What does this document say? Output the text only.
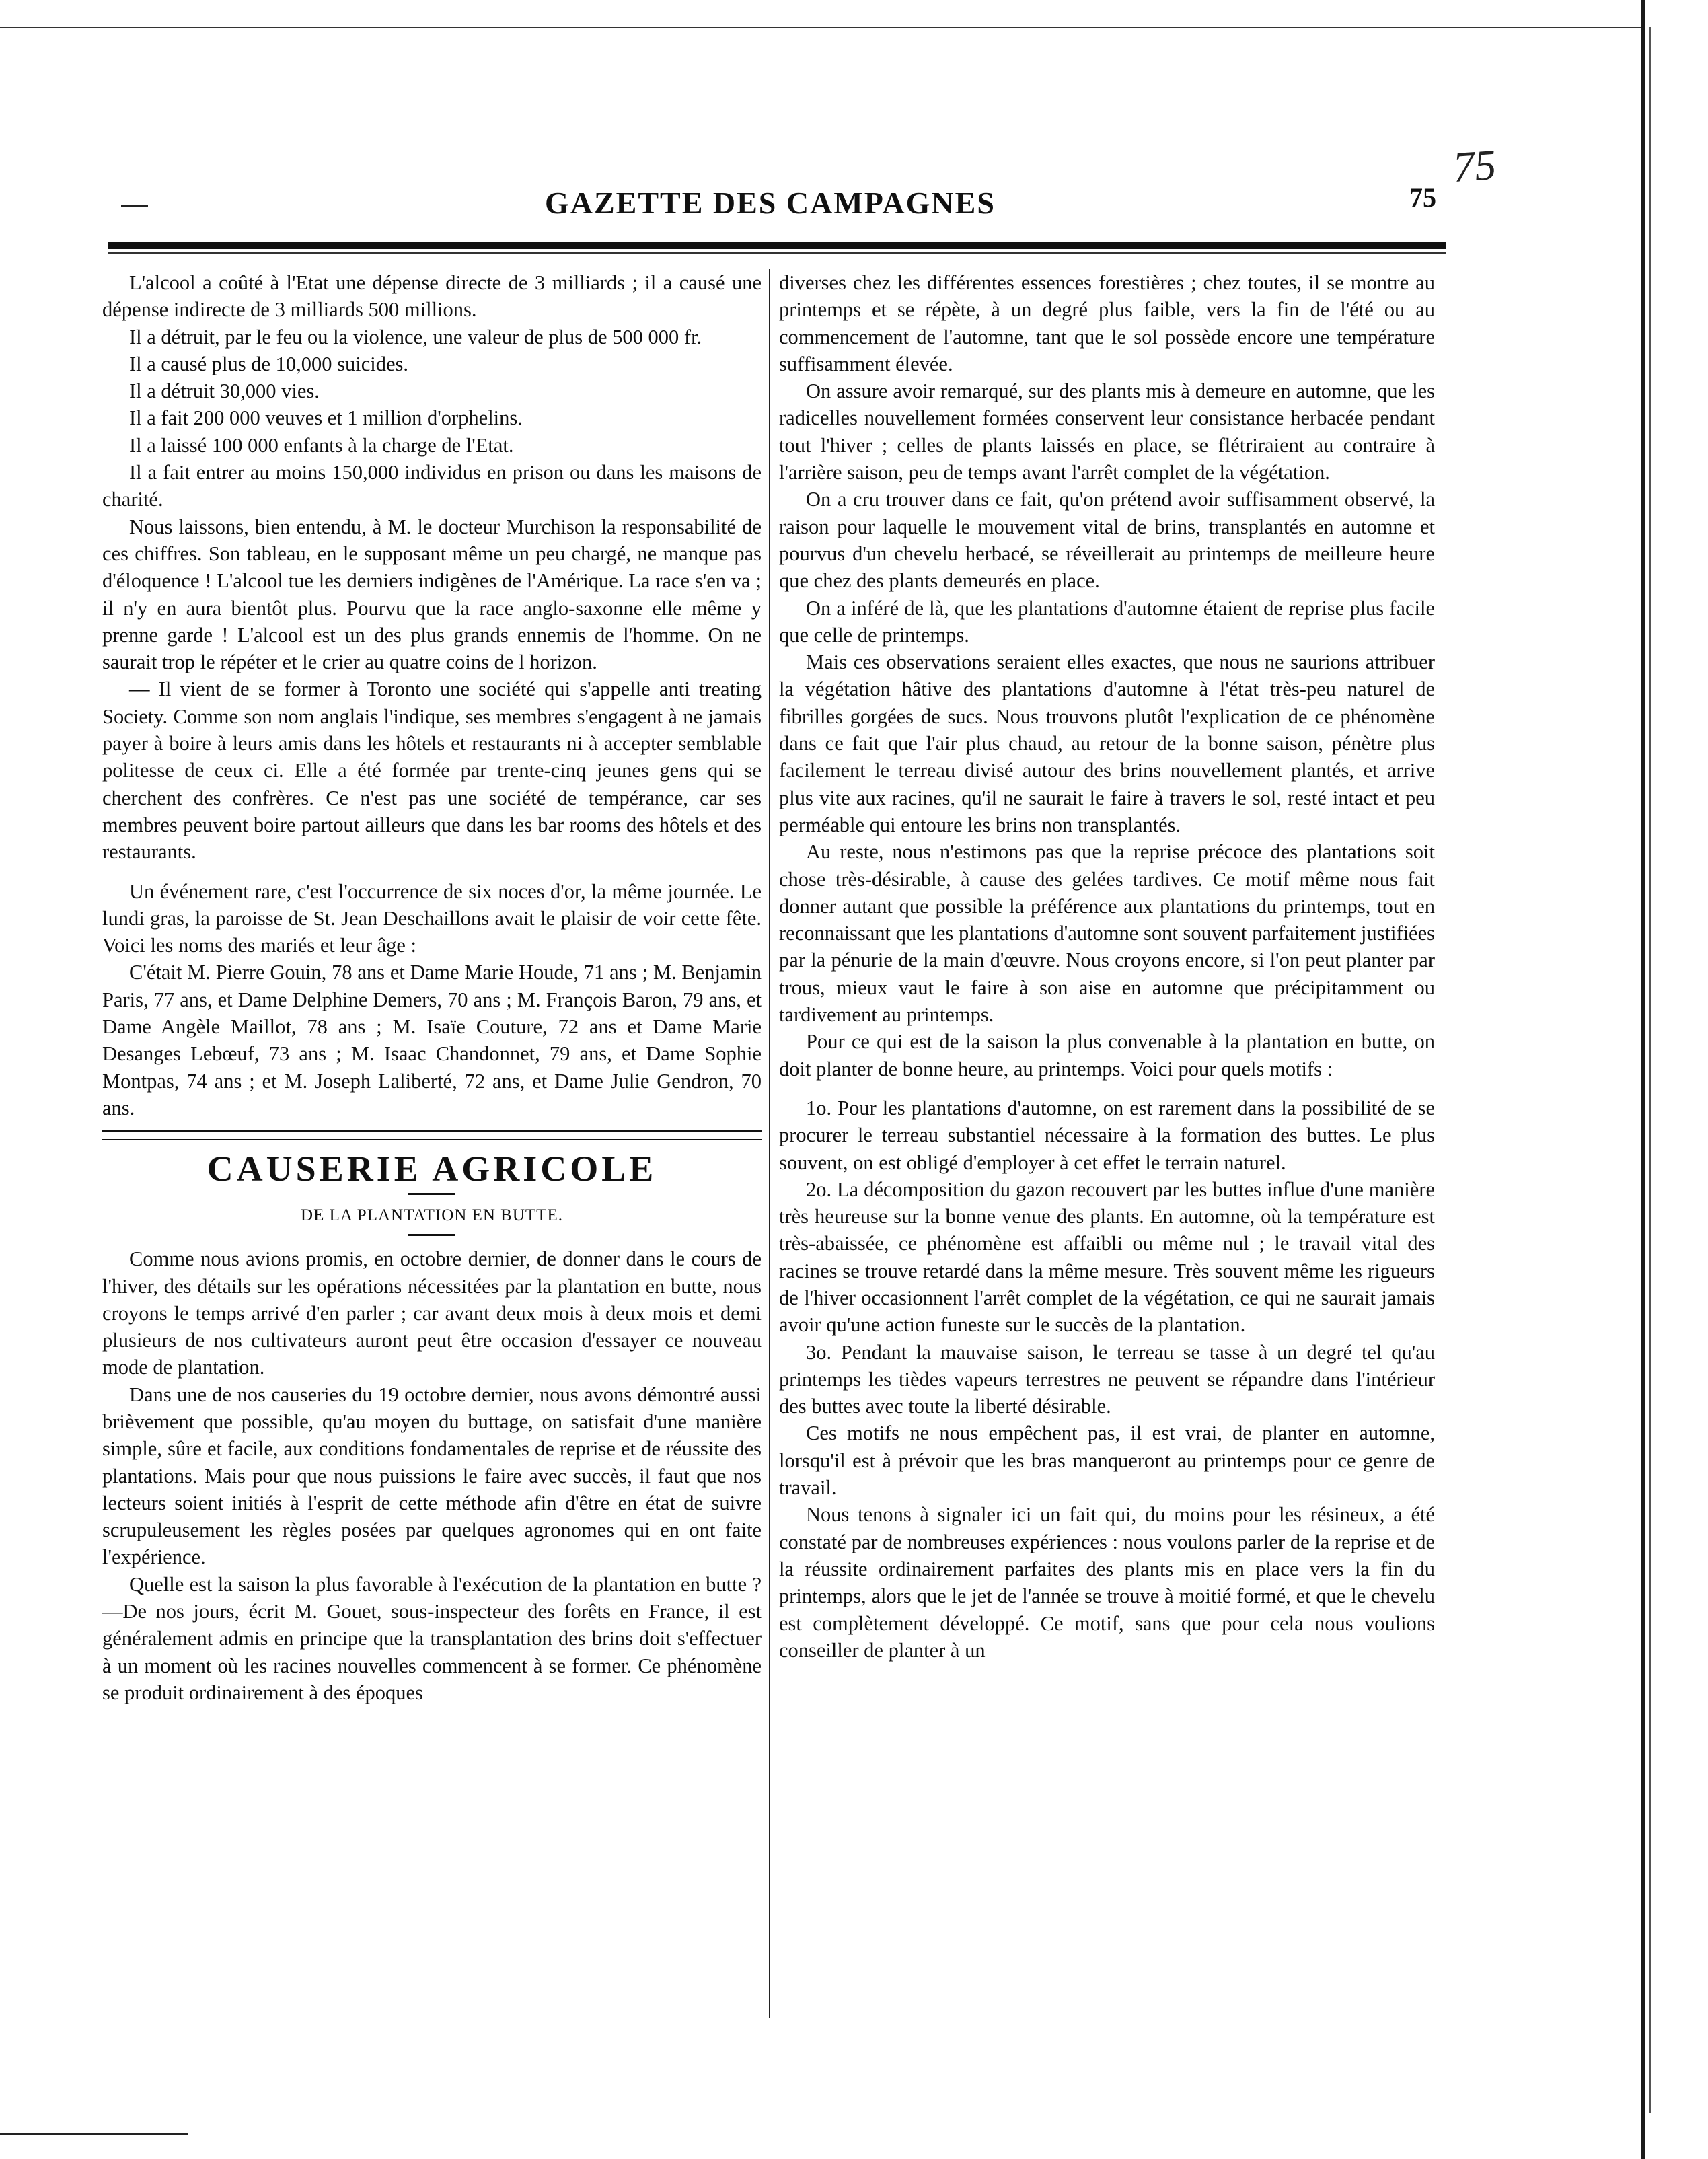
75
GAZETTE DES CAMPAGNES	75

L'alcool a coûté à l'Etat une dépense directe de 3 milliards ; il a causé une dépense indirecte de 3 milliards 500 millions.

Il a détruit, par le feu ou la violence, une valeur de plus de 500 000 fr.

Il a causé plus de 10,000 suicides.

Il a détruit 30,000 vies.

Il a fait 200 000 veuves et 1 million d'orphelins.

Il a laissé 100 000 enfants à la charge de l'Etat.

Il a fait entrer au moins 150,000 individus en prison ou dans les maisons de charité.

Nous laissons, bien entendu, à M. le docteur Murchison la responsabilité de ces chiffres. Son tableau, en le supposant même un peu chargé, ne manque pas d'éloquence ! L'alcool tue les derniers indigènes de l'Amérique. La race s'en va ; il n'y en aura bientôt plus. Pourvu que la race anglo-saxonne elle même y prenne garde ! L'alcool est un des plus grands ennemis de l'homme. On ne saurait trop le répéter et le crier au quatre coins de l horizon.

— Il vient de se former à Toronto une société qui s'appelle anti treating Society. Comme son nom anglais l'indique, ses membres s'engagent à ne jamais payer à boire à leurs amis dans les hôtels et restaurants ni à accepter semblable politesse de ceux ci. Elle a été formée par trente-cinq jeunes gens qui se cherchent des confrères. Ce n'est pas une société de tempérance, car ses membres peuvent boire partout ailleurs que dans les bar rooms des hôtels et des restaurants.

Un événement rare, c'est l'occurrence de six noces d'or, la même journée. Le lundi gras, la paroisse de St. Jean Deschaillons avait le plaisir de voir cette fête. Voici les noms des mariés et leur âge :

C'était M. Pierre Gouin, 78 ans et Dame Marie Houde, 71 ans ; M. Benjamin Paris, 77 ans, et Dame Delphine Demers, 70 ans ; M. François Baron, 79 ans, et Dame Angèle Maillot, 78 ans ; M. Isaïe Couture, 72 ans et Dame Marie Desanges Lebœuf, 73 ans ; M. Isaac Chandonnet, 79 ans, et Dame Sophie Montpas, 74 ans ; et M. Joseph Laliberté, 72 ans, et Dame Julie Gendron, 70 ans.

CAUSERIE AGRICOLE
DE LA PLANTATION EN BUTTE.

Comme nous avions promis, en octobre dernier, de donner dans le cours de l'hiver, des détails sur les opérations nécessitées par la plantation en butte, nous croyons le temps arrivé d'en parler ; car avant deux mois à deux mois et demi plusieurs de nos cultivateurs auront peut être occasion d'essayer ce nouveau mode de plantation.

Dans une de nos causeries du 19 octobre dernier, nous avons démontré aussi brièvement que possible, qu'au moyen du buttage, on satisfait d'une manière simple, sûre et facile, aux conditions fondamentales de reprise et de réussite des plantations. Mais pour que nous puissions le faire avec succès, il faut que nos lecteurs soient initiés à l'esprit de cette méthode afin d'être en état de suivre scrupuleusement les règles posées par quelques agronomes qui en ont faite l'expérience.

Quelle est la saison la plus favorable à l'exécution de la plantation en butte ?—De nos jours, écrit M. Gouet, sous-inspecteur des forêts en France, il est généralement admis en principe que la transplantation des brins doit s'effectuer à un moment où les racines nouvelles commencent à se former. Ce phénomène se produit ordinairement à des époques

diverses chez les différentes essences forestières ; chez toutes, il se montre au printemps et se répète, à un degré plus faible, vers la fin de l'été ou au commencement de l'automne, tant que le sol possède encore une température suffisamment élevée.

On assure avoir remarqué, sur des plants mis à demeure en automne, que les radicelles nouvellement formées conservent leur consistance herbacée pendant tout l'hiver ; celles de plants laissés en place, se flétriraient au contraire à l'arrière saison, peu de temps avant l'arrêt complet de la végétation.

On a cru trouver dans ce fait, qu'on prétend avoir suffisamment observé, la raison pour laquelle le mouvement vital de brins, transplantés en automne et pourvus d'un chevelu herbacé, se réveillerait au printemps de meilleure heure que chez des plants demeurés en place.

On a inféré de là, que les plantations d'automne étaient de reprise plus facile que celle de printemps.

Mais ces observations seraient elles exactes, que nous ne saurions attribuer la végétation hâtive des plantations d'automne à l'état très-peu naturel de fibrilles gorgées de sucs. Nous trouvons plutôt l'explication de ce phénomène dans ce fait que l'air plus chaud, au retour de la bonne saison, pénètre plus facilement le terreau divisé autour des brins nouvellement plantés, et arrive plus vite aux racines, qu'il ne saurait le faire à travers le sol, resté intact et peu perméable qui entoure les brins non transplantés.

Au reste, nous n'estimons pas que la reprise précoce des plantations soit chose très-désirable, à cause des gelées tardives. Ce motif même nous fait donner autant que possible la préférence aux plantations du printemps, tout en reconnaissant que les plantations d'automne sont souvent parfaitement justifiées par la pénurie de la main d'œuvre. Nous croyons encore, si l'on peut planter par trous, mieux vaut le faire à son aise en automne que précipitamment ou tardivement au printemps.

Pour ce qui est de la saison la plus convenable à la plantation en butte, on doit planter de bonne heure, au printemps. Voici pour quels motifs :

1o. Pour les plantations d'automne, on est rarement dans la possibilité de se procurer le terreau substantiel nécessaire à la formation des buttes. Le plus souvent, on est obligé d'employer à cet effet le terrain naturel.

2o. La décomposition du gazon recouvert par les buttes influe d'une manière très heureuse sur la bonne venue des plants. En automne, où la température est très-abaissée, ce phénomène est affaibli ou même nul ; le travail vital des racines se trouve retardé dans la même mesure. Très souvent même les rigueurs de l'hiver occasionnent l'arrêt complet de la végétation, ce qui ne saurait jamais avoir qu'une action funeste sur le succès de la plantation.

3o. Pendant la mauvaise saison, le terreau se tasse à un degré tel qu'au printemps les tièdes vapeurs terrestres ne peuvent se répandre dans l'intérieur des buttes avec toute la liberté désirable.

Ces motifs ne nous empêchent pas, il est vrai, de planter en automne, lorsqu'il est à prévoir que les bras manqueront au printemps pour ce genre de travail.

Nous tenons à signaler ici un fait qui, du moins pour les résineux, a été constaté par de nombreuses expériences : nous voulons parler de la reprise et de la réussite ordinairement parfaites des plants mis en place vers la fin du printemps, alors que le jet de l'année se trouve à moitié formé, et que le chevelu est complètement développé. Ce motif, sans que pour cela nous voulions conseiller de planter à un
